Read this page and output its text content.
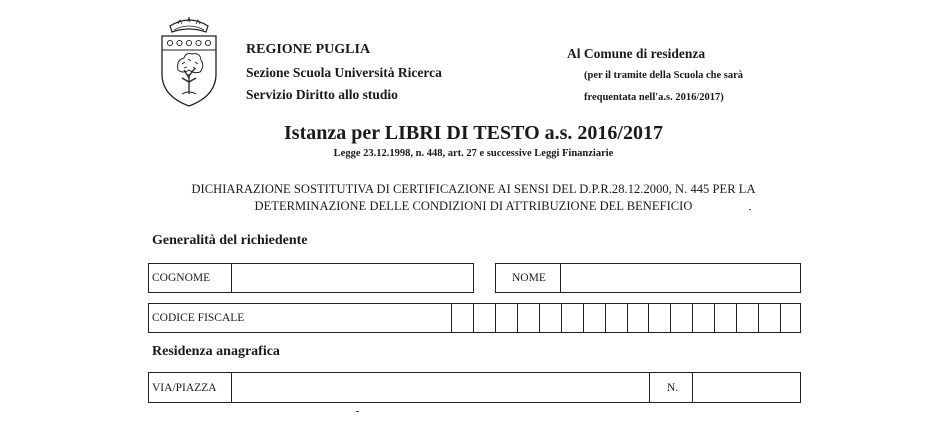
REGIONE PUGLIA
Sezione Scuola Università Ricerca
Servizio Diritto allo studio
Al Comune di residenza
(per il tramite della Scuola che sarà
frequentata nell'a.s. 2016/2017)
Istanza per LIBRI DI TESTO a.s. 2016/2017
Legge 23.12.1998, n. 448, art. 27 e successive Leggi Finanziarie
DICHIARAZIONE SOSTITUTIVA DI CERTIFICAZIONE AI SENSI DEL D.P.R.28.12.2000, N. 445 PER LA
DETERMINAZIONE DELLE CONDIZIONI DI ATTRIBUZIONE DEL BENEFICIO
Generalità del richiedente
COGNOME	NOME
CODICE FISCALE
Residenza anagrafica
VIA/PIAZZA	N.
